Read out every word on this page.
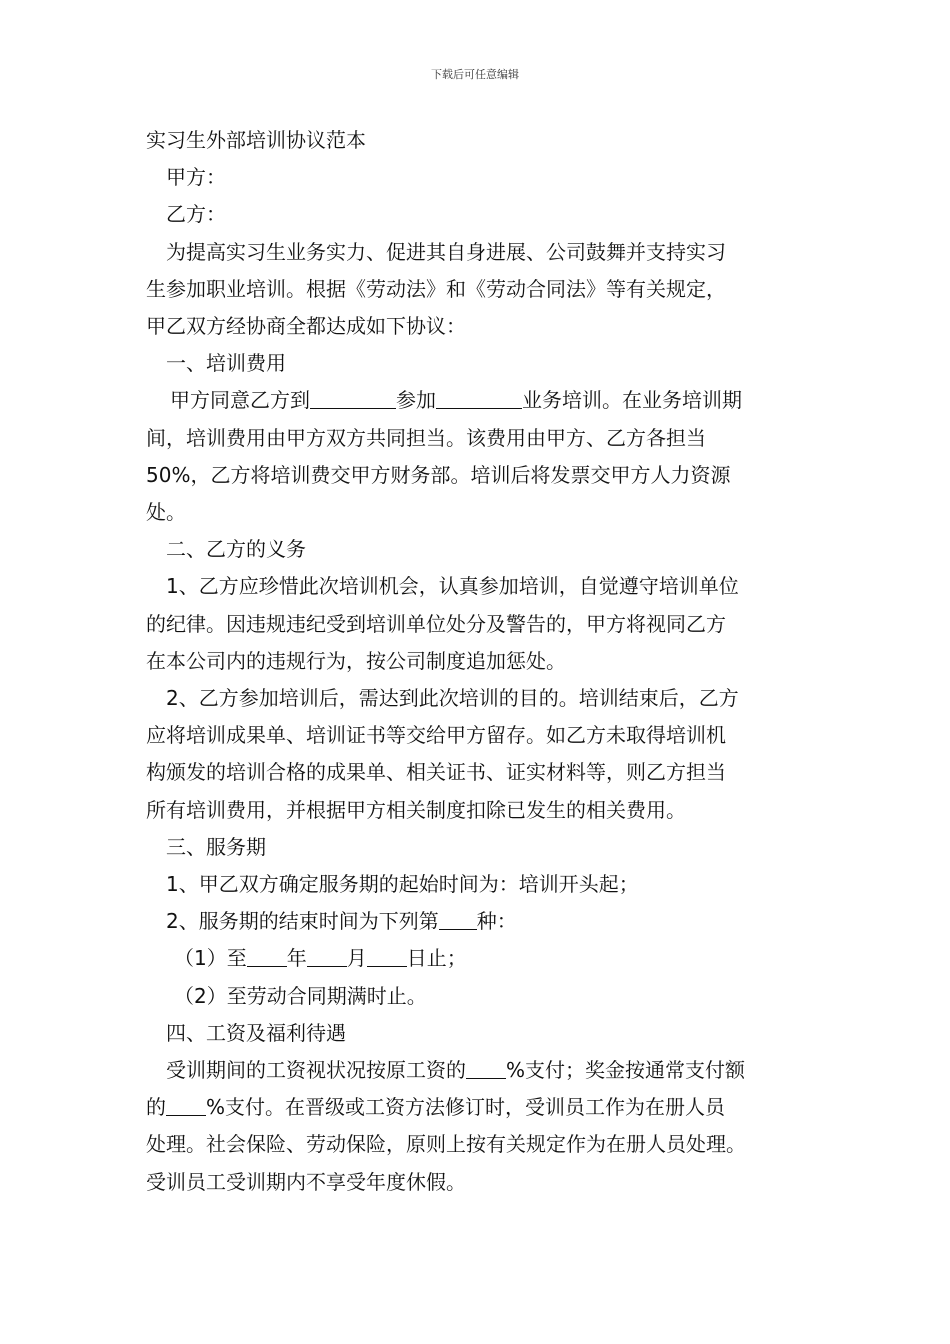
下载后可任意编辑
实习生外部培训协议范本
甲方：
乙方：
为提高实习生业务实力、促进其自身进展、公司鼓舞并支持实习
生参加职业培训。根据《劳动法》和《劳动合同法》等有关规定，
甲乙双方经协商全都达成如下协议：
一、培训费用
甲方同意乙方到	参加	业务培训。在业务培训期
间，培训费用由甲方双方共同担当。该费用由甲方、乙方各担当
50%，乙方将培训费交甲方财务部。培训后将发票交甲方人力资源
处。
二、乙方的义务
1、乙方应珍惜此次培训机会，认真参加培训，自觉遵守培训单位
的纪律。因违规违纪受到培训单位处分及警告的，甲方将视同乙方
在本公司内的违规行为，按公司制度追加惩处。
2、乙方参加培训后，需达到此次培训的目的。培训结束后，乙方
应将培训成果单、培训证书等交给甲方留存。如乙方未取得培训机
构颁发的培训合格的成果单、相关证书、证实材料等，则乙方担当
所有培训费用，并根据甲方相关制度扣除已发生的相关费用。
三、服务期
1、甲乙双方确定服务期的起始时间为：培训开头起；
2、服务期的结束时间为下列第 种：
（1）至 年 月 日止；
（2）至劳动合同期满时止。
四、工资及福利待遇
受训期间的工资视状况按原工资的 %支付；奖金按通常支付额
的 %支付。在晋级或工资方法修订时，受训员工作为在册人员
处理。社会保险、劳动保险，原则上按有关规定作为在册人员处理。
受训员工受训期内不享受年度休假。
